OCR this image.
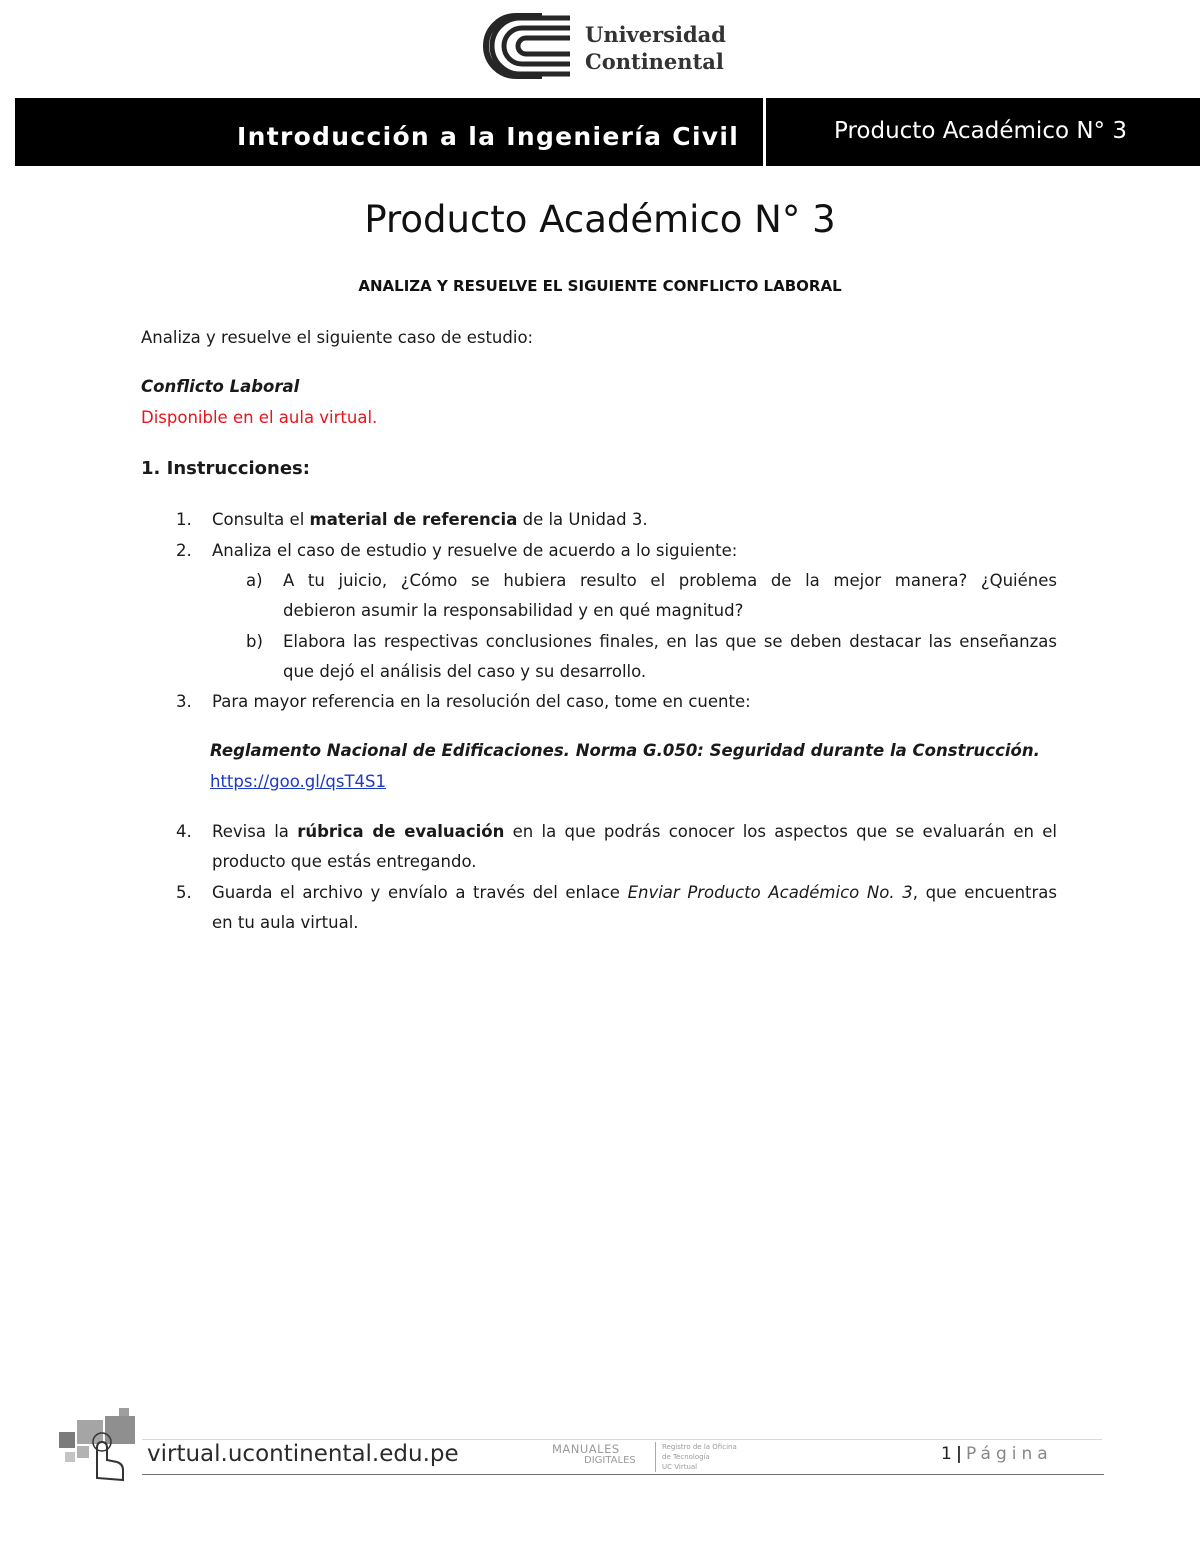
Universidad
Continental
Introducción a la Ingeniería Civil	Producto Académico N° 3
Producto Académico N° 3
ANALIZA Y RESUELVE EL SIGUIENTE CONFLICTO LABORAL
Analiza y resuelve el siguiente caso de estudio:
Conflicto Laboral
Disponible en el aula virtual.
1. Instrucciones:
1. Consulta el material de referencia de la Unidad 3.
2. Analiza el caso de estudio y resuelve de acuerdo a lo siguiente:
a) A tu juicio, ¿Cómo se hubiera resulto el problema de la mejor manera? ¿Quiénes
debieron asumir la responsabilidad y en qué magnitud?
b) Elabora las respectivas conclusiones finales, en las que se deben destacar las enseñanzas
que dejó el análisis del caso y su desarrollo.
3. Para mayor referencia en la resolución del caso, tome en cuente:
Reglamento Nacional de Edificaciones. Norma G.050: Seguridad durante la Construcción.
https://goo.gl/qsT4S1
4. Revisa la rúbrica de evaluación en la que podrás conocer los aspectos que se evaluarán en el
producto que estás entregando.
5. Guarda el archivo y envíalo a través del enlace Enviar Producto Académico No. 3, que encuentras
en tu aula virtual.
virtual.ucontinental.edu.pe	MANUALES
DIGITALES
Registro de la Oficina
de Tecnología
UC Virtual
1 | Página
